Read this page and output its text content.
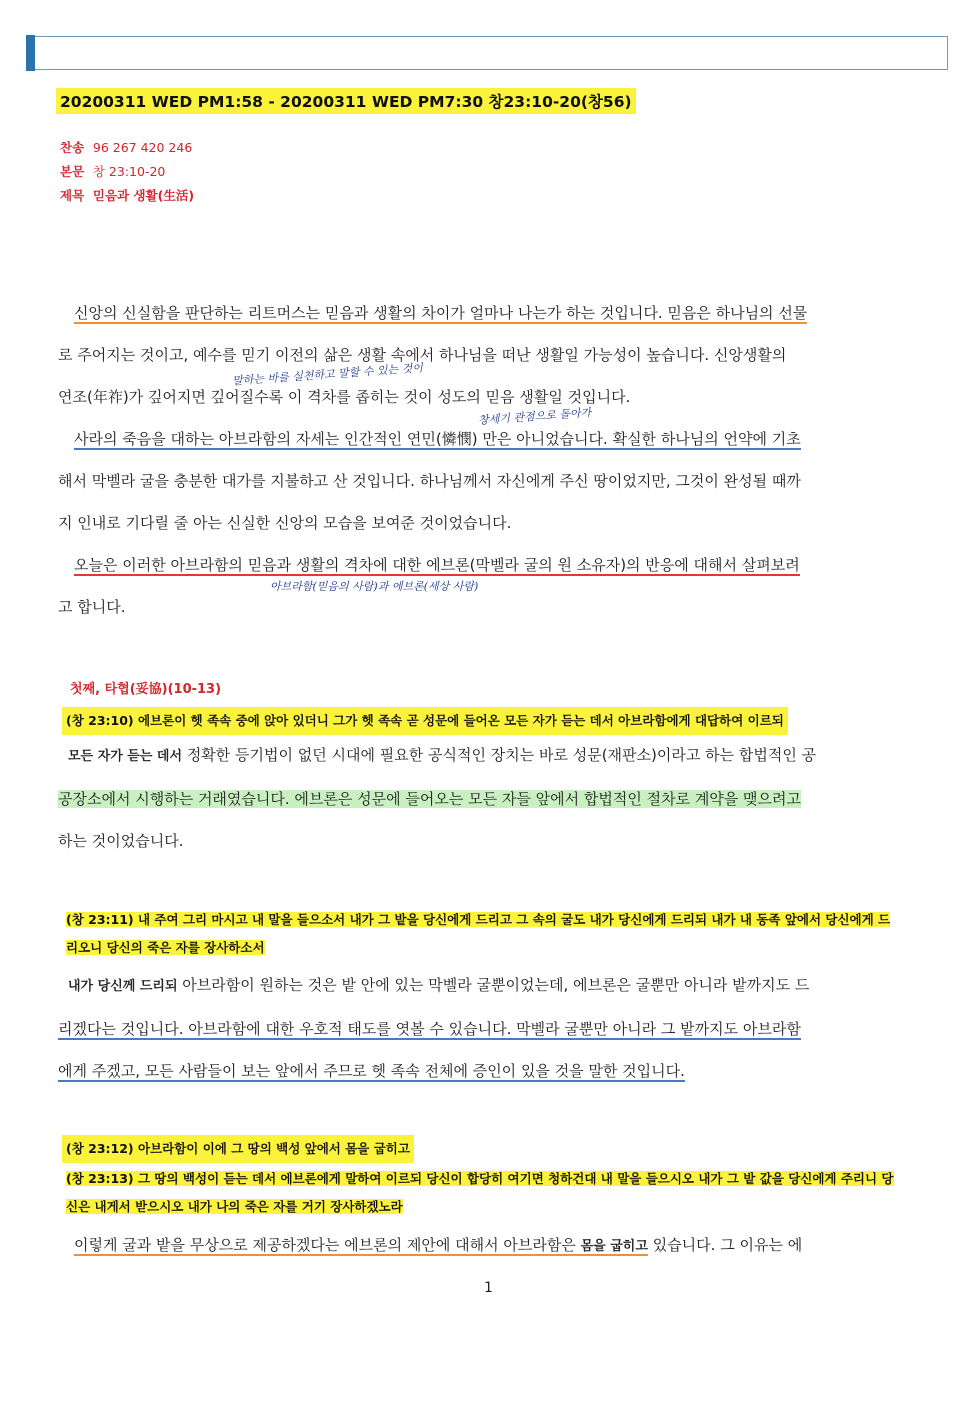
20200311 WED PM1:58 - 20200311 WED PM7:30 창23:10-20(창56)
찬송 96 267 420 246
본문 창 23:10-20
제목 믿음과 생활(生活)

신앙의 신실함을 판단하는 리트머스는 믿음과 생활의 차이가 얼마나 나는가 하는 것입니다. 믿음은 하나님의 선물

로 주어지는 것이고, 예수를 믿기 이전의 삶은 생활 속에서 하나님을 떠난 생활일 가능성이 높습니다. 신앙생활의

연조(年祚)가 깊어지면 깊어질수록 이 격차를 좁히는 것이 성도의 믿음 생활일 것입니다.

말하는 바를 실천하고 말할 수 있는 것이
창세기 관점으로 돌아가

사라의 죽음을 대하는 아브라함의 자세는 인간적인 연민(憐憫) 만은 아니었습니다. 확실한 하나님의 언약에 기초

해서 막벨라 굴을 충분한 대가를 지불하고 산 것입니다. 하나님께서 자신에게 주신 땅이었지만, 그것이 완성될 때까

지 인내로 기다릴 줄 아는 신실한 신앙의 모습을 보여준 것이었습니다.

오늘은 이러한 아브라함의 믿음과 생활의 격차에 대한 에브론(막벨라 굴의 원 소유자)의 반응에 대해서 살펴보려

고 합니다.

아브라함(믿음의 사람)과 에브론(세상 사람)
첫째, 타협(妥協)(10-13)
(창 23:10) 에브론이 헷 족속 중에 앉아 있더니 그가 헷 족속 곧 성문에 들어온 모든 자가 듣는 데서 아브라함에게 대답하여 이르되

모든 자가 듣는 데서 정확한 등기법이 없던 시대에 필요한 공식적인 장치는 바로 성문(재판소)이라고 하는 합법적인 공

공장소에서 시행하는 거래였습니다. 에브론은 성문에 들어오는 모든 자들 앞에서 합법적인 절차로 계약을 맺으려고

하는 것이었습니다.

(창 23:11) 내 주여 그리 마시고 내 말을 들으소서 내가 그 밭을 당신에게 드리고 그 속의 굴도 내가 당신에게 드리되 내가 내 동족 앞에서 당신에게 드
리오니 당신의 죽은 자를 장사하소서

내가 당신께 드리되 아브라함이 원하는 것은 밭 안에 있는 막벨라 굴뿐이었는데, 에브론은 굴뿐만 아니라 밭까지도 드

리겠다는 것입니다. 아브라함에 대한 우호적 태도를 엿볼 수 있습니다. 막벨라 굴뿐만 아니라 그 밭까지도 아브라함

에게 주겠고, 모든 사람들이 보는 앞에서 주므로 헷 족속 전체에 증인이 있을 것을 말한 것입니다.

(창 23:12) 아브라함이 이에 그 땅의 백성 앞에서 몸을 굽히고
(창 23:13) 그 땅의 백성이 듣는 데서 에브론에게 말하여 이르되 당신이 합당히 여기면 청하건대 내 말을 들으시오 내가 그 밭 값을 당신에게 주리니 당
신은 내게서 받으시오 내가 나의 죽은 자를 거기 장사하겠노라

이렇게 굴과 밭을 무상으로 제공하겠다는 에브론의 제안에 대해서 아브라함은 몸을 굽히고 있습니다. 그 이유는 에

1
